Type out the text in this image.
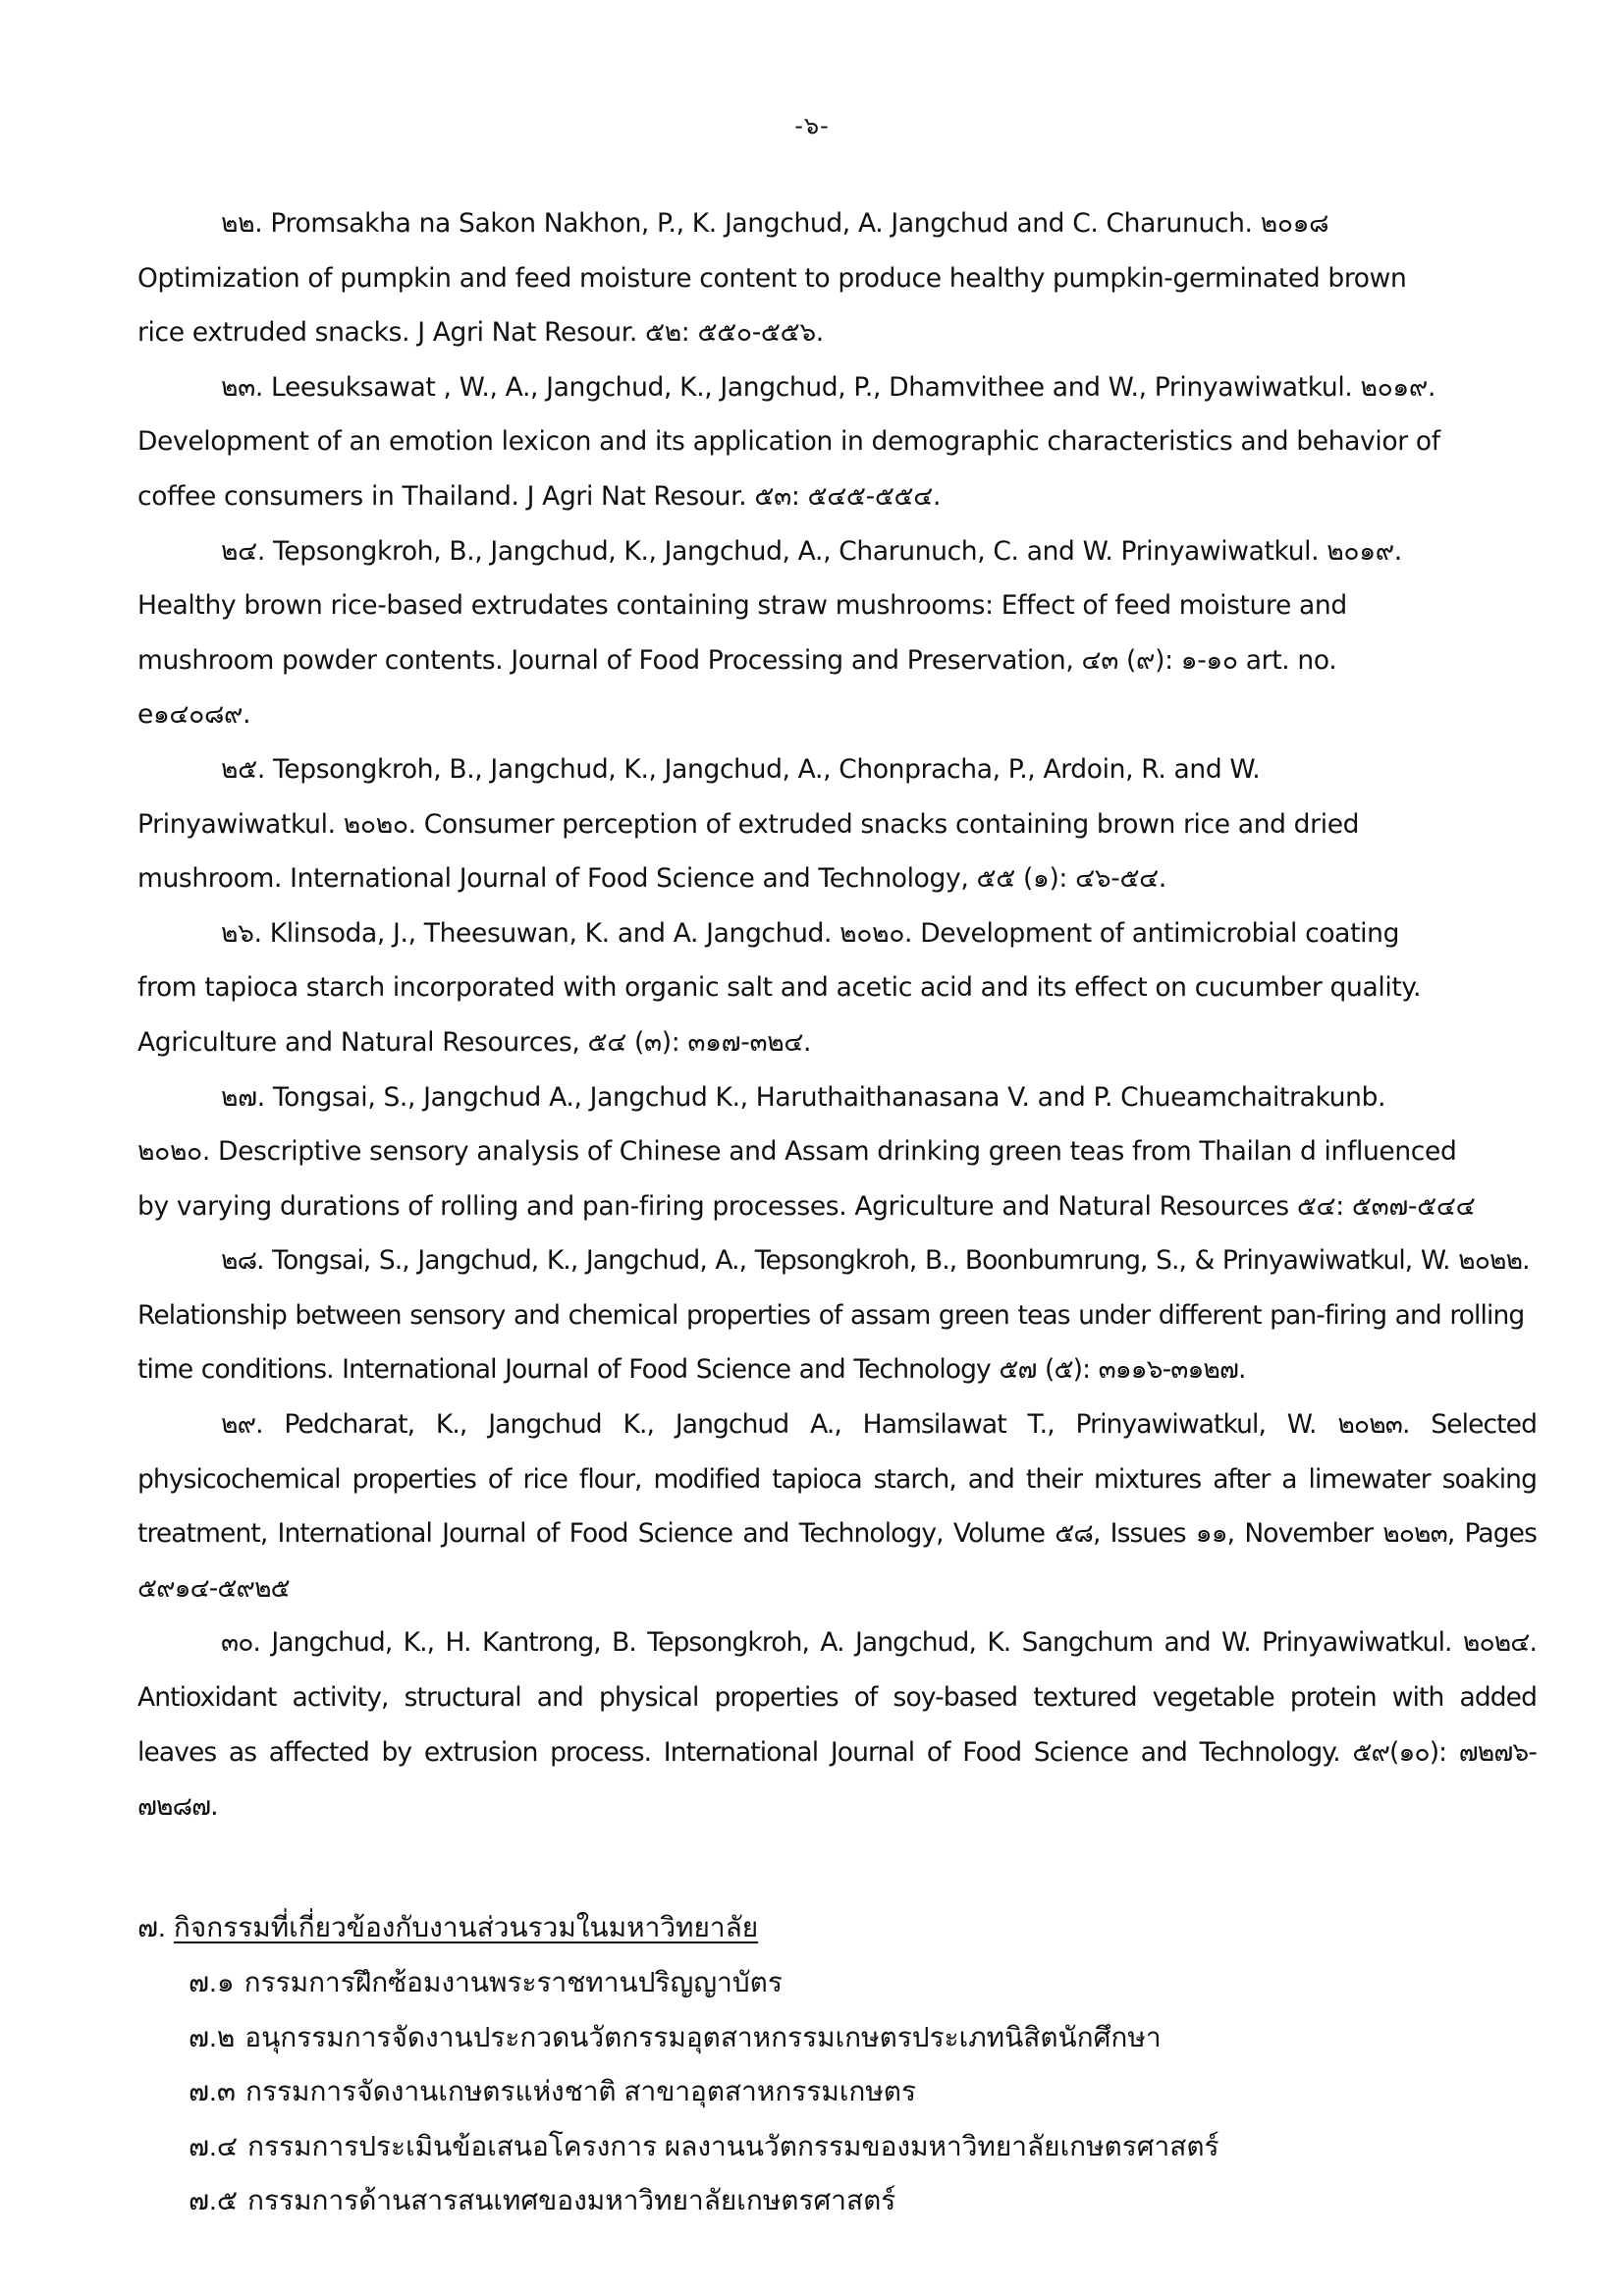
-๖-
๒๒. Promsakha na Sakon Nakhon, P., K. Jangchud, A. Jangchud and C. Charunuch. ๒๐๑๘
Optimization of pumpkin and feed moisture content to produce healthy pumpkin-germinated brown
rice extruded snacks. J Agri Nat Resour. ๕๒: ๕๕๐-๕๕๖.
๒๓. Leesuksawat , W., A., Jangchud, K., Jangchud, P., Dhamvithee and W., Prinyawiwatkul. ๒๐๑๙.
Development of an emotion lexicon and its application in demographic characteristics and behavior of
coffee consumers in Thailand. J Agri Nat Resour. ๕๓: ๕๔๕-๕๕๔.
๒๔. Tepsongkroh, B., Jangchud, K., Jangchud, A., Charunuch, C. and W. Prinyawiwatkul. ๒๐๑๙.
Healthy brown rice-based extrudates containing straw mushrooms: Effect of feed moisture and
mushroom powder contents. Journal of Food Processing and Preservation, ๔๓ (๙): ๑-๑๐ art. no.
e๑๔๐๘๙.
๒๕. Tepsongkroh, B., Jangchud, K., Jangchud, A., Chonpracha, P., Ardoin, R. and W.
Prinyawiwatkul. ๒๐๒๐. Consumer perception of extruded snacks containing brown rice and dried
mushroom. International Journal of Food Science and Technology, ๕๕ (๑): ๔๖-๕๔.
๒๖. Klinsoda, J., Theesuwan, K. and A. Jangchud. ๒๐๒๐. Development of antimicrobial coating
from tapioca starch incorporated with organic salt and acetic acid and its effect on cucumber quality.
Agriculture and Natural Resources, ๕๔ (๓): ๓๑๗-๓๒๔.
๒๗. Tongsai, S., Jangchud A., Jangchud K., Haruthaithanasana V. and P. Chueamchaitrakunb.
๒๐๒๐. Descriptive sensory analysis of Chinese and Assam drinking green teas from Thailan d influenced
by varying durations of rolling and pan-firing processes. Agriculture and Natural Resources ๕๔: ๕๓๗-๕๔๔
๒๘. Tongsai, S., Jangchud, K., Jangchud, A., Tepsongkroh, B., Boonbumrung, S., & Prinyawiwatkul, W. ๒๐๒๒.
Relationship between sensory and chemical properties of assam green teas under different pan-firing and rolling
time conditions. International Journal of Food Science and Technology ๕๗ (๕): ๓๑๑๖-๓๑๒๗.
๒๙. Pedcharat, K., Jangchud K., Jangchud A., Hamsilawat T., Prinyawiwatkul, W. ๒๐๒๓. Selected
physicochemical properties of rice flour, modified tapioca starch, and their mixtures after a limewater soaking
treatment, International Journal of Food Science and Technology, Volume ๕๘, Issues ๑๑, November ๒๐๒๓, Pages
๕๙๑๔-๕๙๒๕
๓๐. Jangchud, K., H. Kantrong, B. Tepsongkroh, A. Jangchud, K. Sangchum and W. Prinyawiwatkul. ๒๐๒๔.
Antioxidant activity, structural and physical properties of soy-based textured vegetable protein with added
leaves as affected by extrusion process. International Journal of Food Science and Technology. ๕๙(๑๐): ๗๒๗๖-
๗๒๘๗.
๗. กิจกรรมที่เกี่ยวข้องกับงานส่วนรวมในมหาวิทยาลัย
๗.๑ กรรมการฝึกซ้อมงานพระราชทานปริญญาบัตร
๗.๒ อนุกรรมการจัดงานประกวดนวัตกรรมอุตสาหกรรมเกษตรประเภทนิสิตนักศึกษา
๗.๓ กรรมการจัดงานเกษตรแห่งชาติ สาขาอุตสาหกรรมเกษตร
๗.๔ กรรมการประเมินข้อเสนอโครงการ ผลงานนวัตกรรมของมหาวิทยาลัยเกษตรศาสตร์
๗.๕ กรรมการด้านสารสนเทศของมหาวิทยาลัยเกษตรศาสตร์
